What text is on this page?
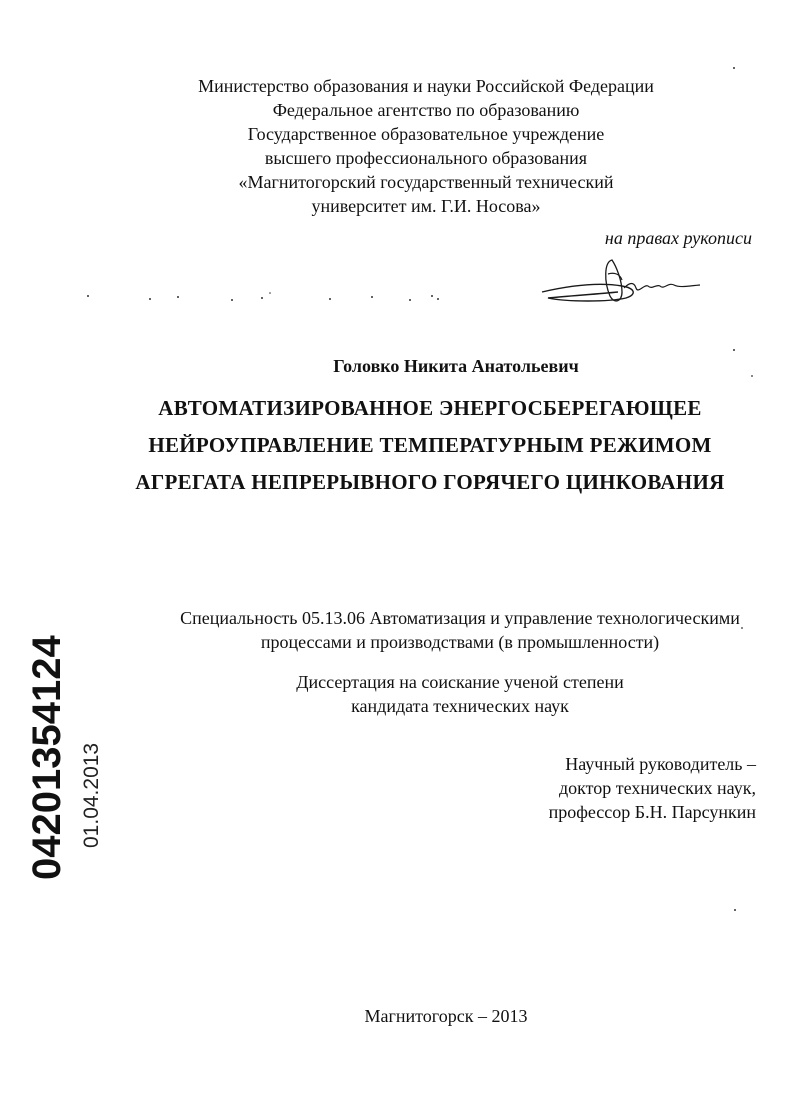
Министерство образования и науки Российской Федерации
Федеральное агентство по образованию
Государственное образовательное учреждение
высшего профессионального образования
«Магнитогорский государственный технический
университет им. Г.И. Носова»
на правах рукописи
Головко Никита Анатольевич
АВТОМАТИЗИРОВАННОЕ ЭНЕРГОСБЕРЕГАЮЩЕЕ
НЕЙРОУПРАВЛЕНИЕ ТЕМПЕРАТУРНЫМ РЕЖИМОМ
АГРЕГАТА НЕПРЕРЫВНОГО ГОРЯЧЕГО ЦИНКОВАНИЯ
Специальность 05.13.06 Автоматизация и управление технологическими
процессами и производствами (в промышленности)
Диссертация на соискание ученой степени
кандидата технических наук
Научный руководитель –
доктор технических наук,
профессор Б.Н. Парсункин
Магнитогорск – 2013
04201354124 01.04.2013
